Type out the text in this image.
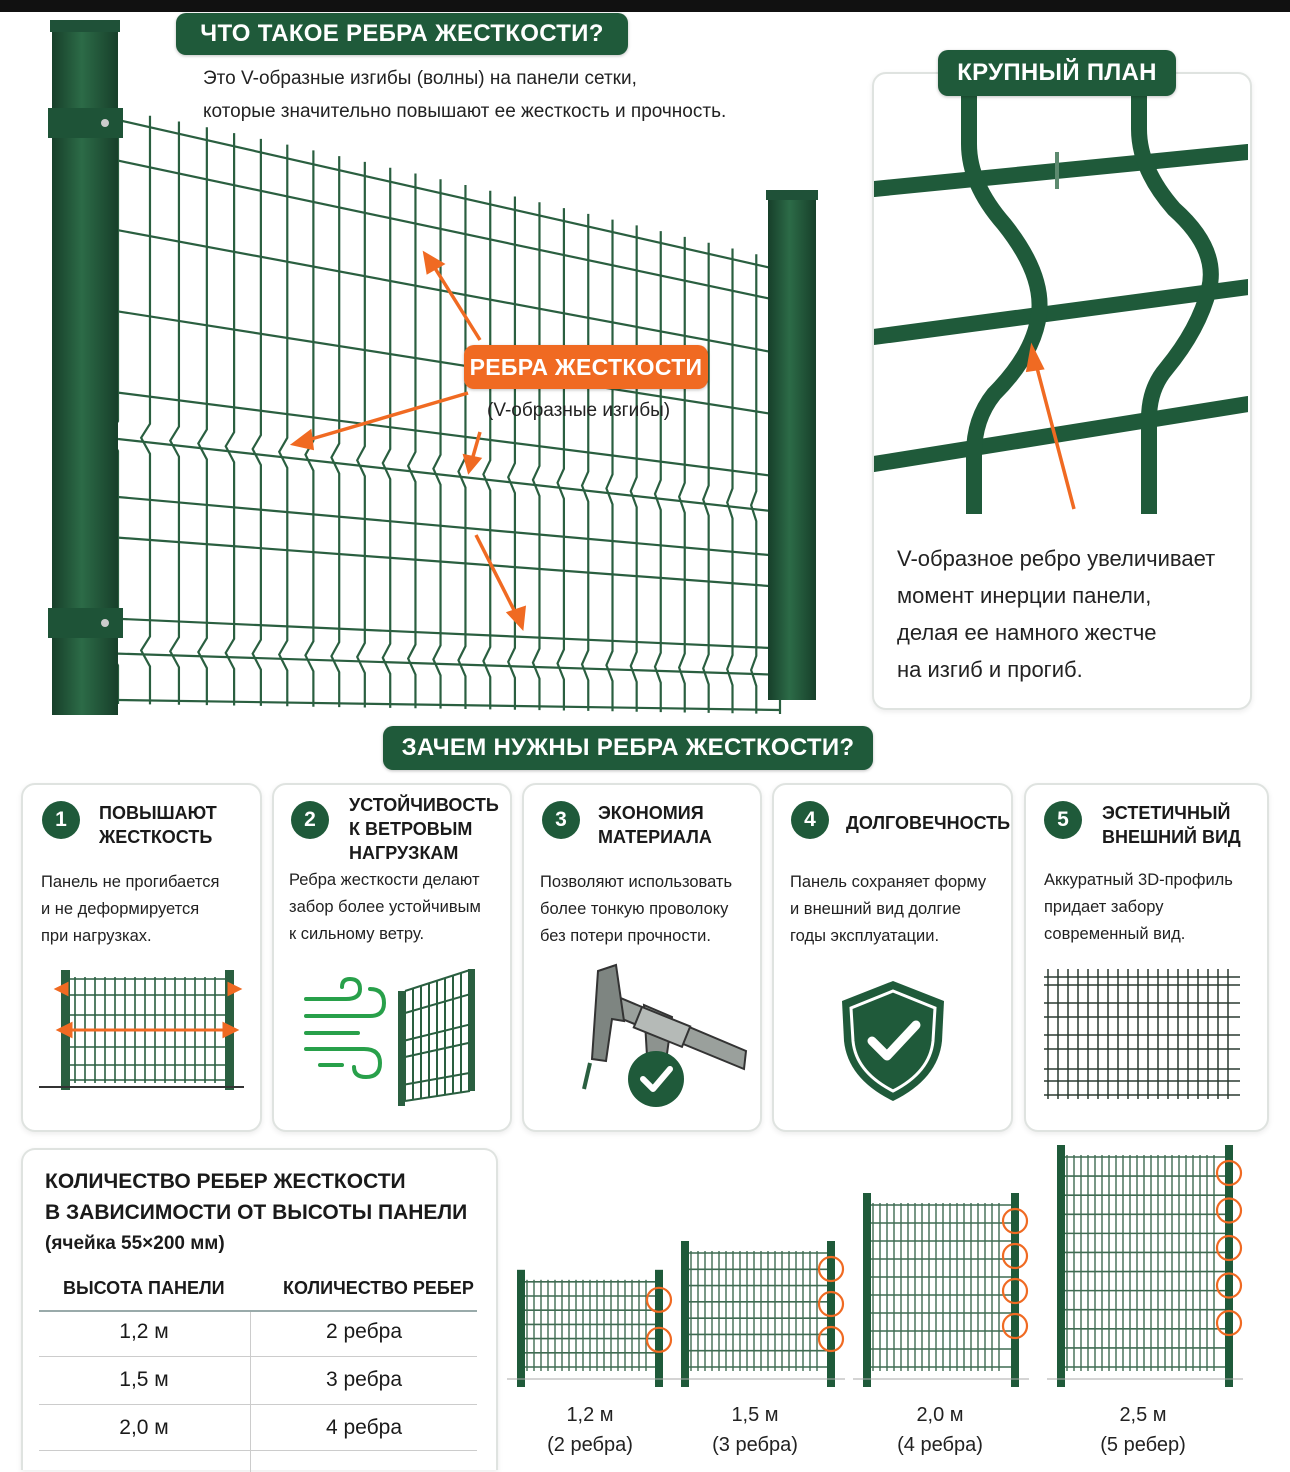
ЧТО ТАКОЕ РЕБРА ЖЕСТКОСТИ?
Это V-образные изгибы (волны) на панели сетки,
которые значительно повышают ее жесткость и прочность.
РЕБРА ЖЕСТКОСТИ
(V-образные изгибы)
КРУПНЫЙ ПЛАН
V-образное ребро увеличивает
момент инерции панели,
делая ее намного жестче
на изгиб и прогиб.
ЗАЧЕМ НУЖНЫ РЕБРА ЖЕСТКОСТИ?
1	ПОВЫШАЮТ
ЖЕСТКОСТЬ
Панель не прогибается
и не деформируется
при нагрузках.
2
УСТОЙЧИВОСТЬ
К ВЕТРОВЫМ
НАГРУЗКАМ
Ребра жесткости делают
забор более устойчивым
к сильному ветру.
3	ЭКОНОМИЯ
МАТЕРИАЛА
Позволяют использовать
более тонкую проволоку
без потери прочности.
4	ДОЛГОВЕЧНОСТЬ
Панель сохраняет форму
и внешний вид долгие
годы эксплуатации.
5	ЭСТЕТИЧНЫЙ
ВНЕШНИЙ ВИД
Аккуратный 3D-профиль
придает забору
современный вид.
КОЛИЧЕСТВО РЕБЕР ЖЕСТКОСТИ
В ЗАВИСИМОСТИ ОТ ВЫСОТЫ ПАНЕЛИ
(ячейка 55×200 мм)
ВЫСОТА ПАНЕЛИ	КОЛИЧЕСТВО РЕБЕР
1,2 м	2 ребра
1,5 м	3 ребра
2,0 м	4 ребра
1,2 м
(2 ребра)
1,5 м
(3 ребра)
2,0 м
(4 ребра)
2,5 м
(5 ребер)
